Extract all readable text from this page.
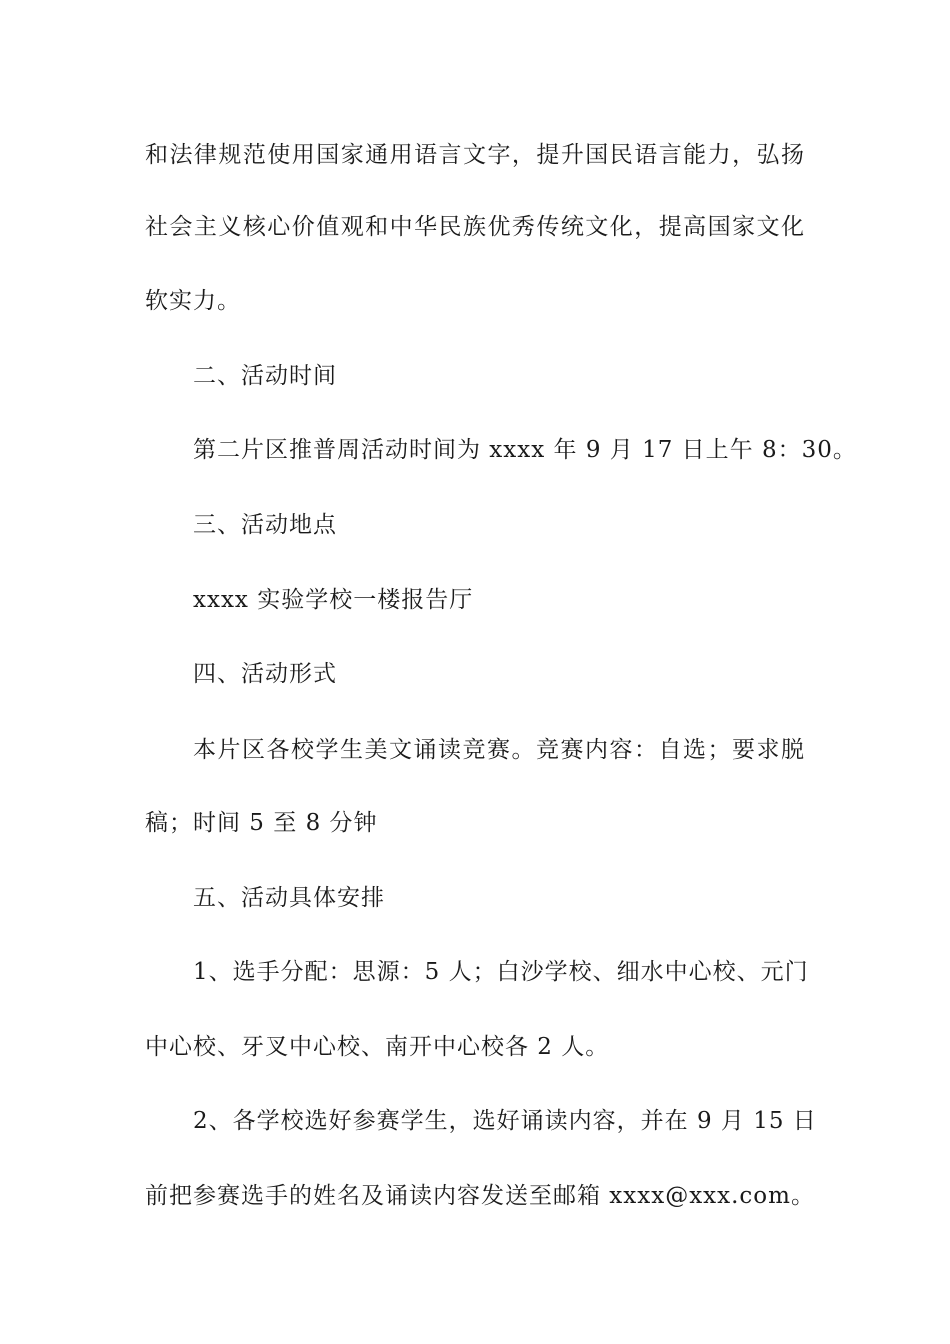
和法律规范使用国家通用语言文字，提升国民语言能力，弘扬
社会主义核心价值观和中华民族优秀传统文化，提高国家文化
软实力。
二、活动时间
第二片区推普周活动时间为 xxxx 年 9 月 17 日上午 8：30。
三、活动地点
xxxx 实验学校一楼报告厅
四、活动形式
本片区各校学生美文诵读竞赛。竞赛内容：自选；要求脱
稿；时间 5 至 8 分钟
五、活动具体安排
1、选手分配：思源：5 人；白沙学校、细水中心校、元门
中心校、牙叉中心校、南开中心校各 2 人。
2、各学校选好参赛学生，选好诵读内容，并在 9 月 15 日
前把参赛选手的姓名及诵读内容发送至邮箱 xxxx@xxx.com。
